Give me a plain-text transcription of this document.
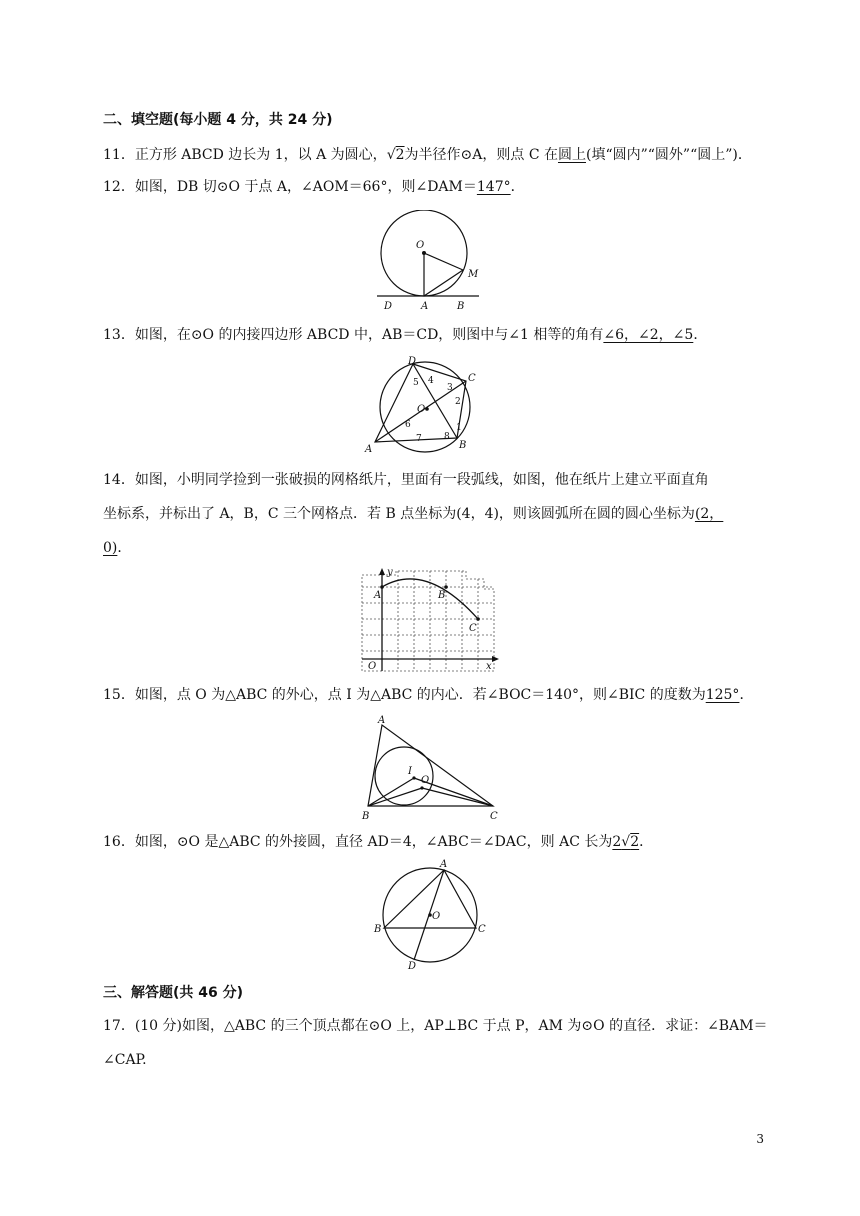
二、填空题(每小题 4 分，共 24 分)
11．正方形 ABCD 边长为 1，以 A 为圆心，√2为半径作⊙A，则点 C 在圆上(填“圆内”“圆外”“圆上”)．
12．如图，DB 切⊙O 于点 A，∠AOM＝66°，则∠DAM＝147°．
O
M
D	A	B
13．如图，在⊙O 的内接四边形 ABCD 中，AB＝CD，则图中与∠1 相等的角有∠6，∠2，∠5．
D
C
A	B
O
1
2
3
4
5
6
7 8
14．如图，小明同学捡到一张破损的网格纸片，里面有一段弧线，如图，他在纸片上建立平面直角
坐标系，并标出了 A，B，C 三个网格点．若 B 点坐标为(4，4)，则该圆弧所在圆的圆心坐标为(2，
0)．
y
A	B
C
O	x
15．如图，点 O 为△ABC 的外心，点 I 为△ABC 的内心．若∠BOC＝140°，则∠BIC 的度数为125°．
A
I
O
B	C
16．如图，⊙O 是△ABC 的外接圆，直径 AD＝4，∠ABC＝∠DAC，则 AC 长为2√2．
A
B	C
O
D
三、解答题(共 46 分)
17．(10 分)如图，△ABC 的三个顶点都在⊙O 上，AP⊥BC 于点 P，AM 为⊙O 的直径．求证：∠BAM＝
∠CAP.
3
